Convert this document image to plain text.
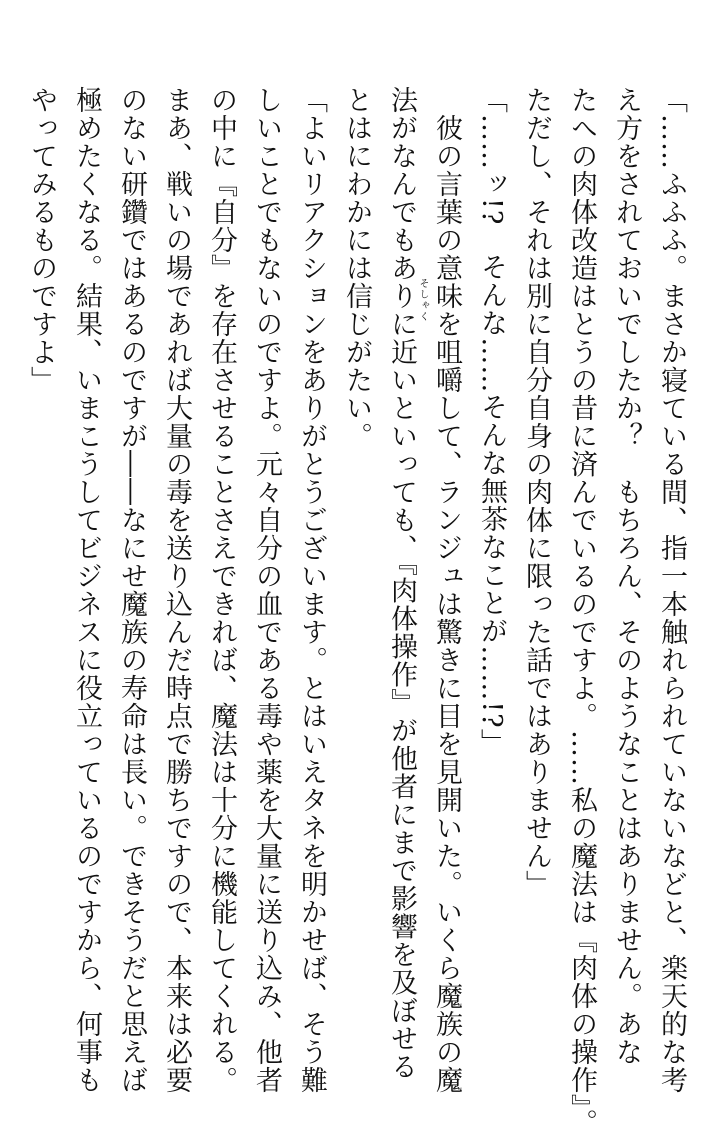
「……ふふふ。まさか寝ている間、指一本触れられていないなどと、楽天的な考

え方をされておいでしたか？　もちろん、そのようなことはありません。あな

たへの肉体改造はとうの昔に済んでいるのですよ。……私の魔法は『肉体の操作』。

ただし、それは別に自分自身の肉体に限った話ではありません」

「……ッ!?　そんな……そんな無茶なことが……!?」

　彼の言葉の意味を咀嚼して、ランジュは驚きに目を見開いた。いくら魔族の魔

法がなんでもありに近いといっても、『肉体操作』が他者にまで影響を及ぼせる

とはにわかには信じがたい。

「よいリアクションをありがとうございます。とはいえタネを明かせば、そう難

しいことでもないのですよ。元々自分の血である毒や薬を大量に送り込み、他者

の中に『自分』を存在させることさえできれば、魔法は十分に機能してくれる。

まあ、戦いの場であれば大量の毒を送り込んだ時点で勝ちですので、本来は必要

のない研鑽ではあるのですが――なにせ魔族の寿命は長い。できそうだと思えば

極めたくなる。結果、いまこうしてビジネスに役立っているのですから、何事も

やってみるものですよ」	そしゃく
